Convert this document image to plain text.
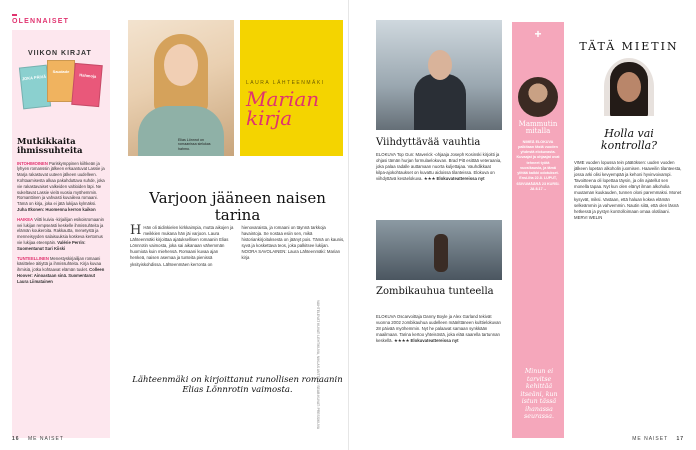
OLENNAISET
VIIKON KIRJAT
JOKA PÄIVÄ
Saudade
Hahmoja
Mutkikkaita ihmissuhteita

INTOHIMOINEN Pariskymppinen kiihkeän ja lyhyen romanssin jälkeen erkaantuvat Lassie ja Marja rakastuvat uuteen jälkeen uudelleen. Kohtaamisesta alkaa pakahduttava suhde, joka vie rakastavaiset valkeiden valtioiden läpi. Ne sukeltavat Lassie vielä vuosia myöhemmin. Romanttinen ja vahvasti kuvaileva romaani. Tämä on kirja, joka ei jätä lukijaa kylmäksi. Juha Itkonen: Huomenna kerron kaikon

HAIKEA Viitti kuivia -kirjailijan esikoisromaanin vei lukijan rempseästi keskelle ihmissuhteita ja elämän koukeroita. Rakkautta, menetystä ja menneisyyden salaisuuksia koskeva kertomus vie lukijaa eteenpäin. Valérie Perrin: Suomentanut Sari Kiiski

TUNTEELLINEN Menestyskirjailijan romaani käsittelee äitiyttä ja ihmissuhteita. Kirja kuvaa ihmisiä, jotka kohtaavat elämän tuulet. Colleen Hoover: Ainoastaan sinä. Suomentanut Laura Liimatainen

Elias Lönnrot on romaanissa sielukas hahmo.
LAURA LÄHTEENMÄKI
Marian
kirja
Varjoon jääneen naisen tarina
H Hän oli äidinkielen kirkkaimpia, mutta aikojen ja meikkien mukana hän jäi varjoon. Laura Lähteenmäki kirjoittaa ajatuksellisen romaanin Elias Lönnrotin vaimosta, joka sai aikanaan vähemmän huomiota kuin miehensä. Romaani kuvaa ajan henkeä, naisen asemaa ja tunteita pienissä yksityiskohdissa. Lähteenmäen kerronta on hienovaraista, ja romaani on täynnä tarkkoja havaintoja. Se nostaa esiin sen, mikä historiankirjoituksesta on jäänyt pois. Tämä on kaunis, syvä ja koskettava teos, joka palkitsee lukijan. NOORA SAVOLAINEN: Laura Lähteenmäki: Marian kirja
Lähteenmäki on kirjoittanut runollisen romaanin Elias Lönnrotin vaimosta.	VAIHTELEVAT KUVAT: LEHTIKUVA, NIKLAS ANTTILA / SEAB KUVAT: PRESSIKUVA
16 ME NAISET
Viihdyttävää vauhtia
ELOKUVA Top Gun: Maverick -ohjaaja Joseph Kosinski kirjoitti ja ohjasi tämän hurjan formulaelokuvan. Brad Pitt esittää veteraania, joka palaa radalle auttamaan nuorta kuljettajaa. Vauhdikkaat kilpa-ajokohtaukset on kuvattu aidoissa tilanteissa. Elokuva on viihdyttävä kesäelokuva. ★★★ Elokuvateattereissa nyt
Zombikauhua tunteella
ELOKUVA Oscarvoittaja Danny Boyle ja Alex Garland tekivät vuonna 2002 zombikauhua uudelleen määrittäneen kulttielokuvan 28 päivää myöhemmin. Nyt he palaavat samaan synkkään maailmaan. Tarina kertoo yhteisöstä, joka elää saarella tartunnan keskellä. ★★★★ Elokuvateattereissa nyt
+
Mammutin mitalla
NIMEÄ ELOKUVA palkitaan tästä vuoden yhdestä elokuvasta. Kuvaajat ja ohjaajat ovat tehneet työtä vuosikausia, ja tämä ylittää kaikki odotukset. Ensi-ilta 22.8. LUPUT, 6SIVUMÄÄRÄ 23 KURSI. JA 8.17 --
Minun ei tarvitse kehittää itseäni, kun istun tässä ihanassa seurassa.
TÄTÄ MIETIN
Holla vai
kontrolla?
VIME vuoden lopussa tein päätöksen: uuden vuoden jälkeen lopetan alkoholin juomisen. Haaveilin tilanteesta, jossa arki olisi kevyempää ja kehoni hyvinvoivampi. Tavoitteena oli lopettaa täysin, ja olin ajatellut sen monella tapaa. Nyt kun olen elänyt ilman alkoholia muutaman kuukauden, tunnen oloni paremmaksi. Monet kysyvät, miksi. Vastaan, että haluan kokea elämän selkeämmin ja vahvemmin. Nautin siitä, että olen läsnä hetkessä ja pystyn kontrolloimaan omaa olotilaani. MERVI WELIN
ME NAISET 17
